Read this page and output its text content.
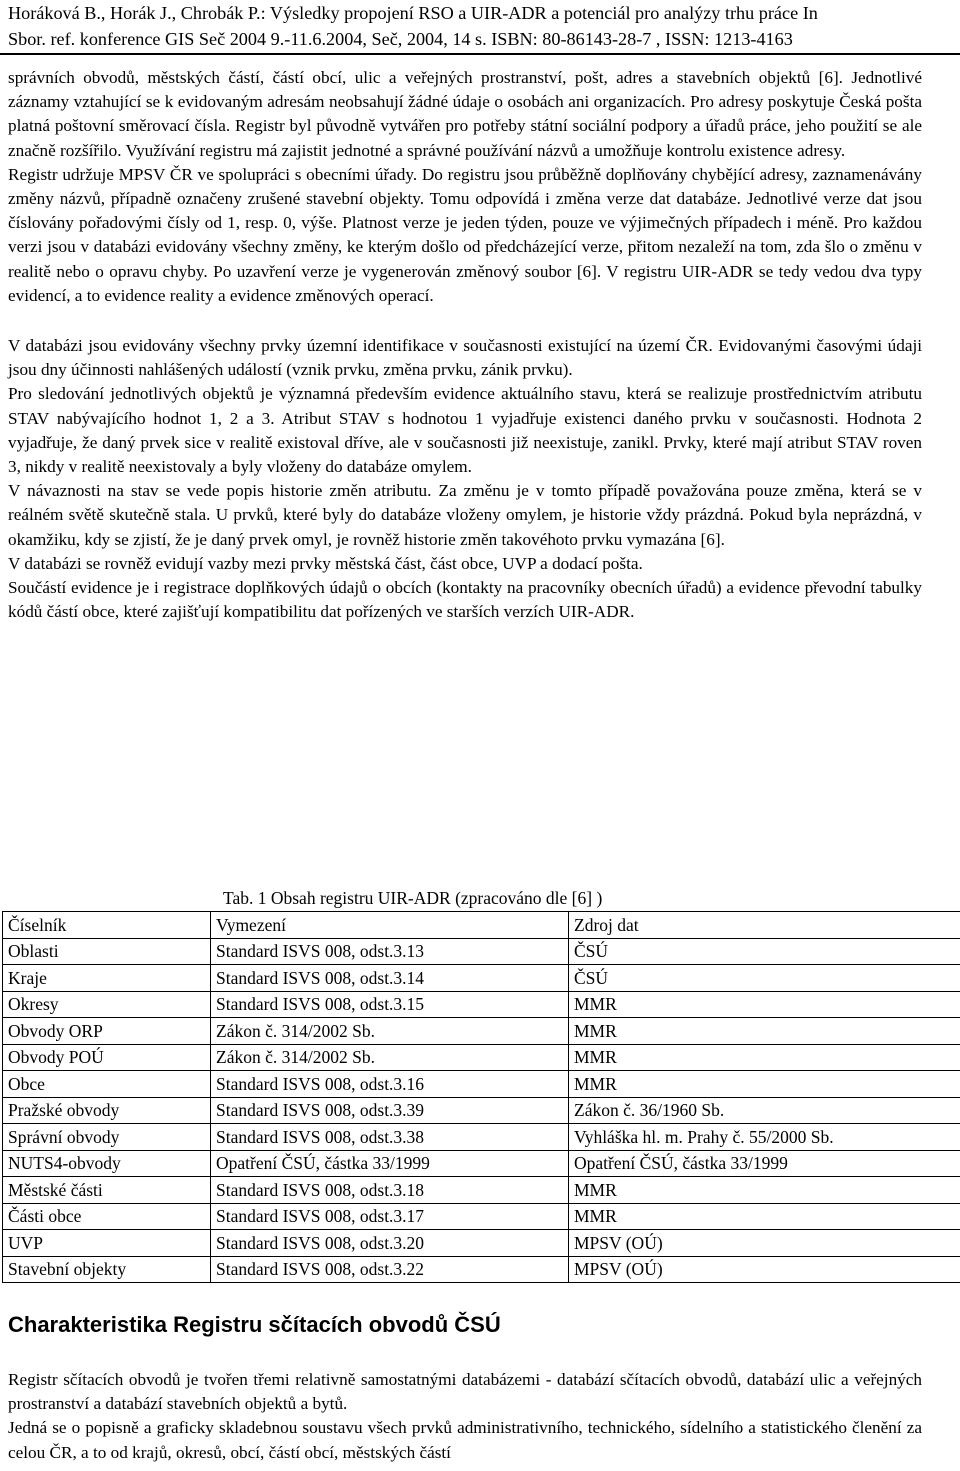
Horáková B., Horák J., Chrobák P.: Výsledky propojení RSO a UIR-ADR a potenciál pro analýzy trhu práce In
Sbor. ref. konference GIS Seč 2004 9.-11.6.2004, Seč, 2004, 14 s. ISBN: 80-86143-28-7 , ISSN: 1213-4163

správních obvodů, městských částí, částí obcí, ulic a veřejných prostranství, pošt, adres a stavebních objektů [6]. Jednotlivé záznamy vztahující se k evidovaným adresám neobsahují žádné údaje o osobách ani organizacích. Pro adresy poskytuje Česká pošta platná poštovní směrovací čísla. Registr byl původně vytvářen pro potřeby státní sociální podpory a úřadů práce, jeho použití se ale značně rozšířilo. Využívání registru má zajistit jednotné a správné používání názvů a umožňuje kontrolu existence adresy.

Registr udržuje MPSV ČR ve spolupráci s obecními úřady. Do registru jsou průběžně doplňovány chybějící adresy, zaznamenávány změny názvů, případně označeny zrušené stavební objekty. Tomu odpovídá i změna verze dat databáze. Jednotlivé verze dat jsou číslovány pořadovými čísly od 1, resp. 0, výše. Platnost verze je jeden týden, pouze ve výjimečných případech i méně. Pro každou verzi jsou v databázi evidovány všechny změny, ke kterým došlo od předcházející verze, přitom nezaleží na tom, zda šlo o změnu v realitě nebo o opravu chyby. Po uzavření verze je vygenerován změnový soubor [6]. V registru UIR-ADR se tedy vedou dva typy evidencí, a to evidence reality a evidence změnových operací.

V databázi jsou evidovány všechny prvky územní identifikace v současnosti existující na území ČR. Evidovanými časovými údaji jsou dny účinnosti nahlášených událostí (vznik prvku, změna prvku, zánik prvku).

Pro sledování jednotlivých objektů je významná především evidence aktuálního stavu, která se realizuje prostřednictvím atributu STAV nabývajícího hodnot 1, 2 a 3. Atribut STAV s hodnotou 1 vyjadřuje existenci daného prvku v současnosti. Hodnota 2 vyjadřuje, že daný prvek sice v realitě existoval dříve, ale v současnosti již neexistuje, zanikl. Prvky, které mají atribut STAV roven 3, nikdy v realitě neexistovaly a byly vloženy do databáze omylem.

V návaznosti na stav se vede popis historie změn atributu. Za změnu je v tomto případě považována pouze změna, která se v reálném světě skutečně stala. U prvků, které byly do databáze vloženy omylem, je historie vždy prázdná. Pokud byla neprázdná, v okamžiku, kdy se zjistí, že je daný prvek omyl, je rovněž historie změn takovéhoto prvku vymazána [6].

V databázi se rovněž evidují vazby mezi prvky městská část, část obce, UVP a dodací pošta.

Součástí evidence je i registrace doplňkových údajů o obcích (kontakty na pracovníky obecních úřadů) a evidence převodní tabulky kódů částí obce, které zajišťují kompatibilitu dat pořízených ve starších verzích UIR-ADR.

Tab. 1 Obsah registru UIR-ADR (zpracováno dle [6] )
Číselník	Vymezení	Zdroj dat
Oblasti	Standard ISVS 008, odst.3.13	ČSÚ
Kraje	Standard ISVS 008, odst.3.14	ČSÚ
Okresy	Standard ISVS 008, odst.3.15	MMR
Obvody ORP	Zákon č. 314/2002 Sb.	MMR
Obvody POÚ	Zákon č. 314/2002 Sb.	MMR
Obce	Standard ISVS 008, odst.3.16	MMR
Pražské obvody	Standard ISVS 008, odst.3.39	Zákon č. 36/1960 Sb.
Správní obvody	Standard ISVS 008, odst.3.38	Vyhláška hl. m. Prahy č. 55/2000 Sb.
NUTS4-obvody	Opatření ČSÚ, částka 33/1999	Opatření ČSÚ, částka 33/1999
Městské části	Standard ISVS 008, odst.3.18	MMR
Části obce	Standard ISVS 008, odst.3.17	MMR
UVP	Standard ISVS 008, odst.3.20	MPSV (OÚ)
Stavební objekty	Standard ISVS 008, odst.3.22	MPSV (OÚ)
Charakteristika Registru sčítacích obvodů ČSÚ

Registr sčítacích obvodů je tvořen třemi relativně samostatnými databázemi - databází sčítacích obvodů, databází ulic a veřejných prostranství a databází stavebních objektů a bytů.

Jedná se o popisně a graficky skladebnou soustavu všech prvků administrativního, technického, sídelního a statistického členění za celou ČR, a to od krajů, okresů, obcí, částí obcí, městských částí
